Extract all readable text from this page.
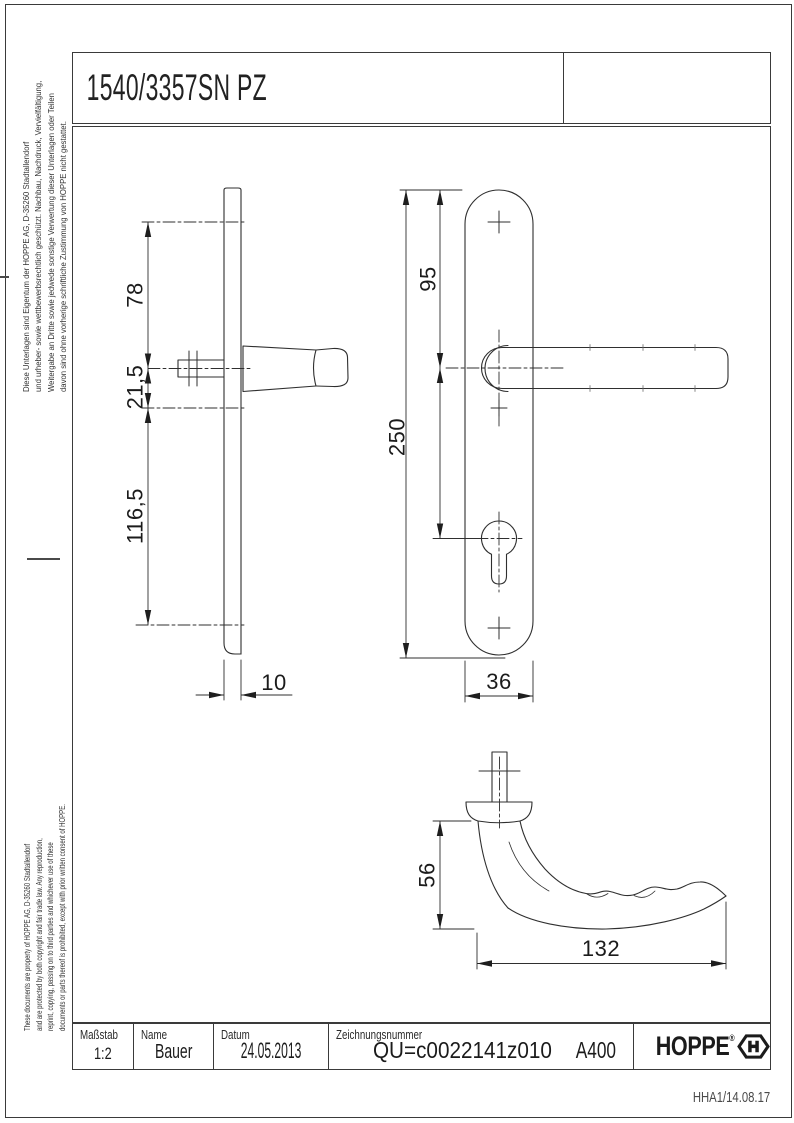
1540/3357SN PZ
Diese Unterlagen sind Eigentum der HOPPE AG, D-35260 Stadtallendorf und urheber- sowie wettbewerbsrechtlich geschützt. Nachbau, Nachdruck, Vervielfältigung, Weitergabe an Dritte sowie jedwede sonstige Verwertung dieser Unterlagen oder Teilen davon sind ohne vorherige schriftliche Zustimmung von HOPPE nicht gestattet.
These documents are property of HOPPE AG, D-35260 Stadtallendorf and are protected by both copyright and fair trade law. Any reproduction, reprint, copying, passing on to third parties and whichever use of these documents or parts thereof is prohibited, except with prior written consent of HOPPE.
78
21,5
116,5
10
95
250
36
56
132
Maßstab
1:2
Name
Bauer
Datum
24.05.2013
Zeichnungsnummer
QU=c0022141z010 A400 HOPPE®
HHA1/14.08.17
